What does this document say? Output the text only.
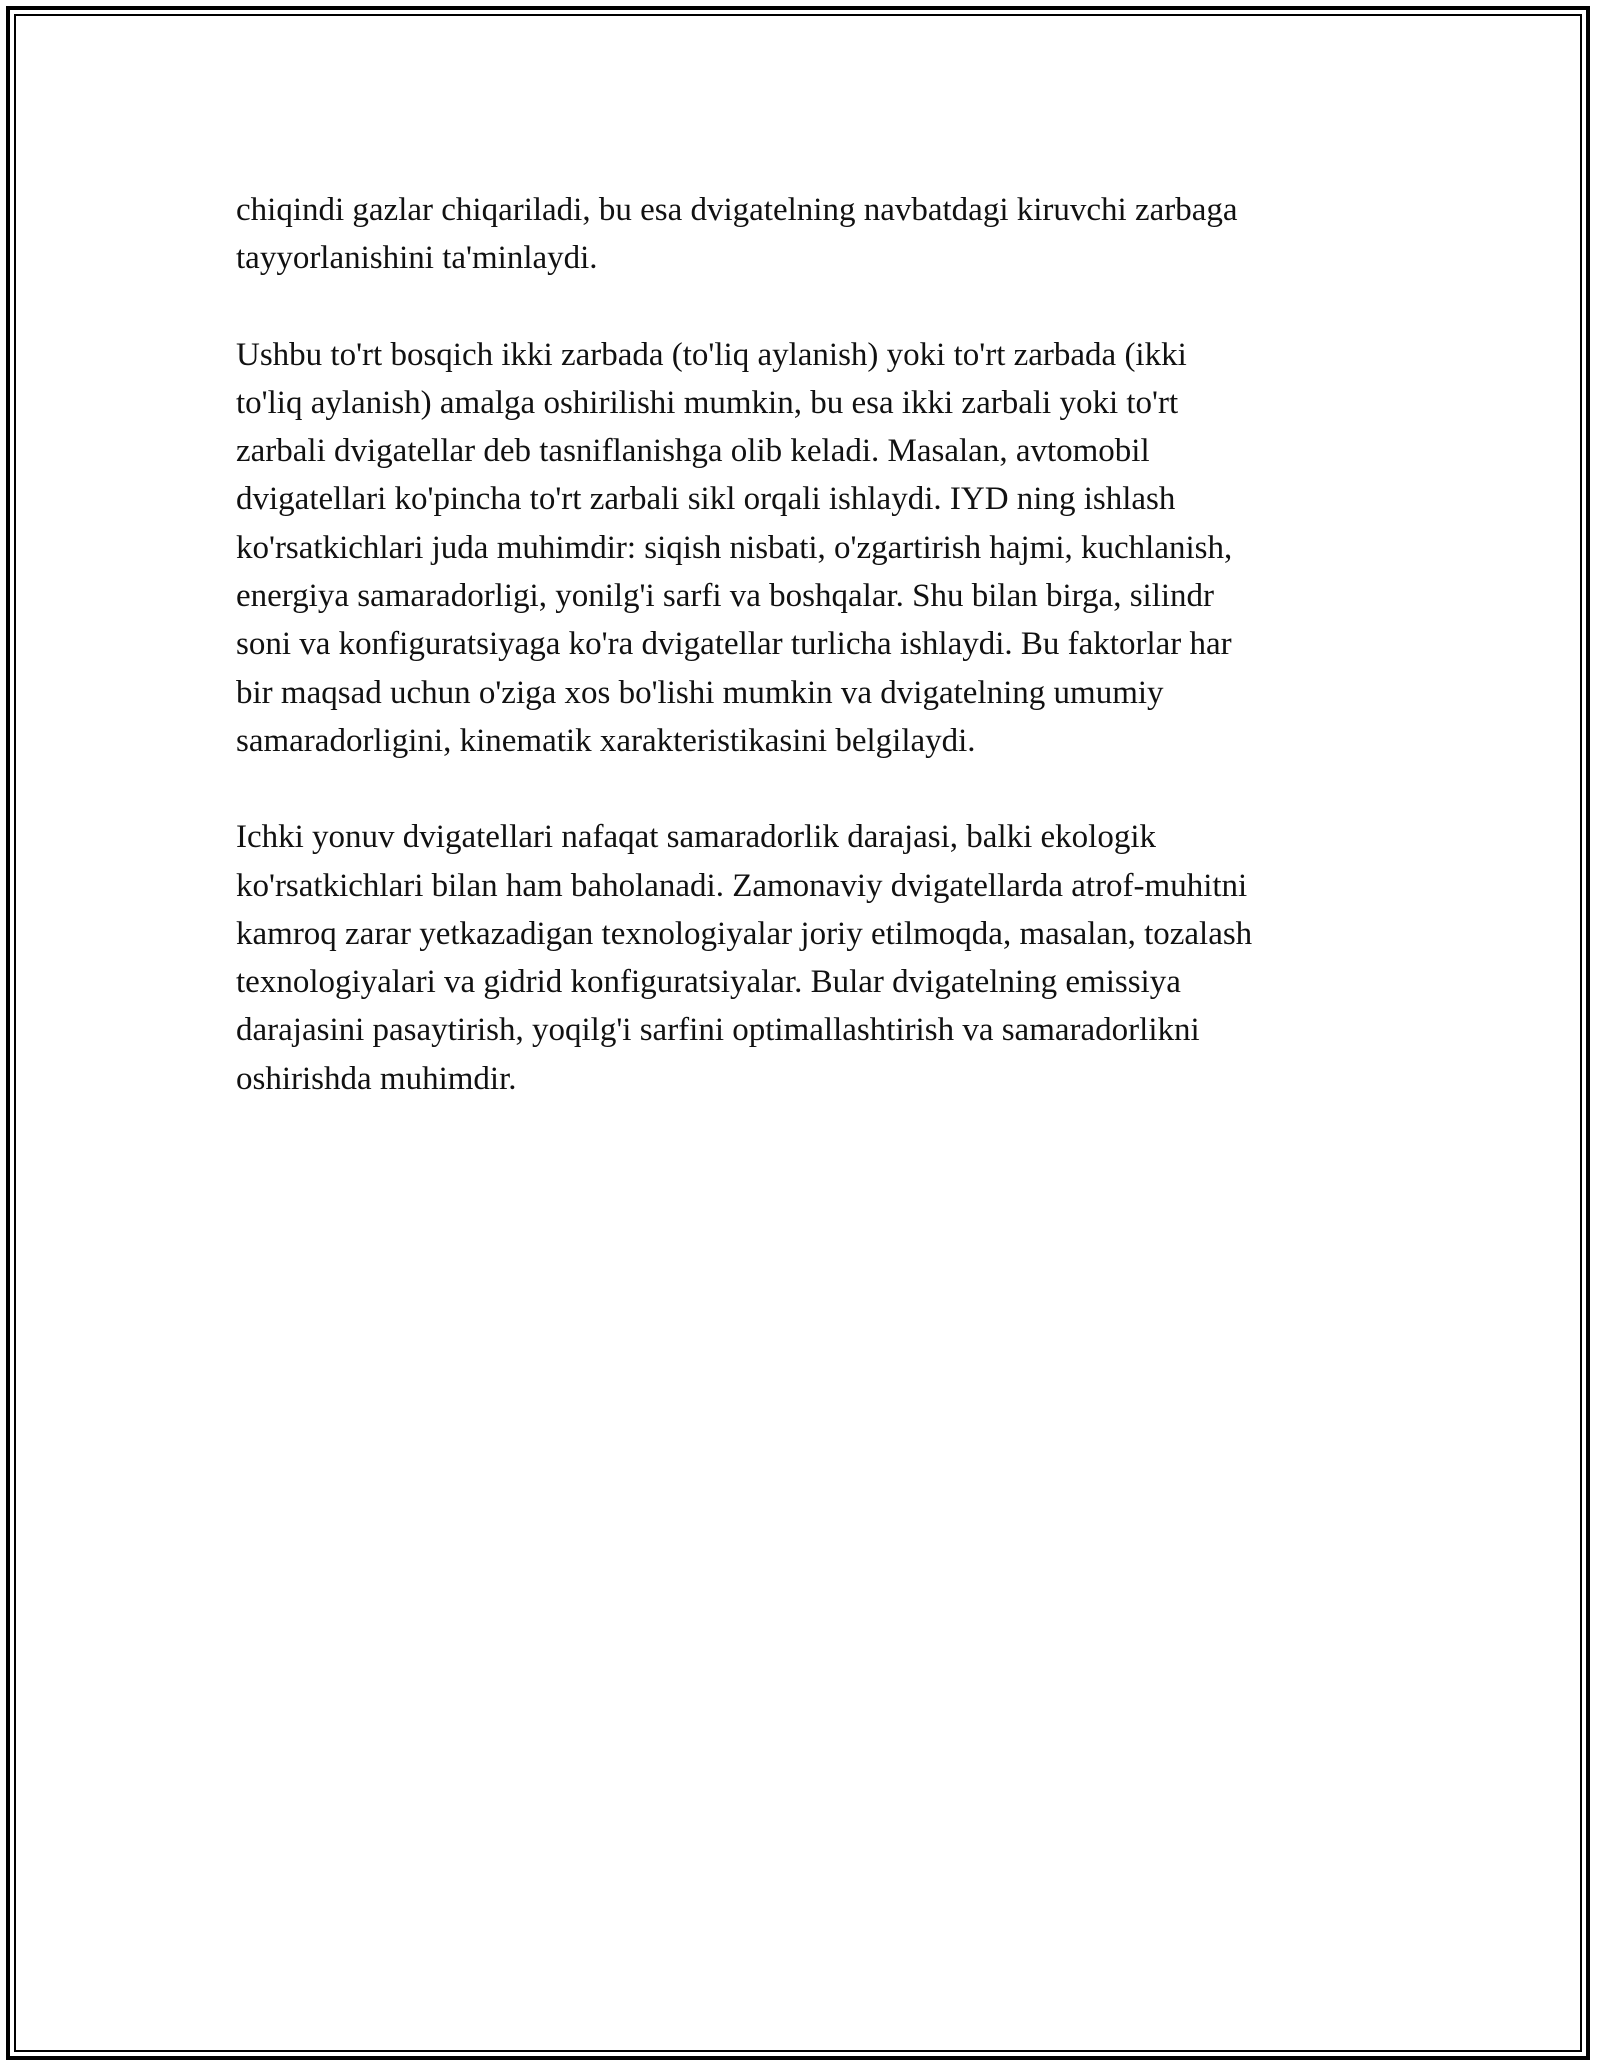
chiqindi gazlar chiqariladi, bu esa dvigatelning navbatdagi kiruvchi zarbaga
tayyorlanishini ta'minlaydi.

Ushbu to'rt bosqich ikki zarbada (to'liq aylanish) yoki to'rt zarbada (ikki
to'liq aylanish) amalga oshirilishi mumkin, bu esa ikki zarbali yoki to'rt
zarbali dvigatellar deb tasniflanishga olib keladi. Masalan, avtomobil
dvigatellari ko'pincha to'rt zarbali sikl orqali ishlaydi. IYD ning ishlash
ko'rsatkichlari juda muhimdir: siqish nisbati, o'zgartirish hajmi, kuchlanish,
energiya samaradorligi, yonilg'i sarfi va boshqalar. Shu bilan birga, silindr
soni va konfiguratsiyaga ko'ra dvigatellar turlicha ishlaydi. Bu faktorlar har
bir maqsad uchun o'ziga xos bo'lishi mumkin va dvigatelning umumiy
samaradorligini, kinematik xarakteristikasini belgilaydi.

Ichki yonuv dvigatellari nafaqat samaradorlik darajasi, balki ekologik
ko'rsatkichlari bilan ham baholanadi. Zamonaviy dvigatellarda atrof-muhitni
kamroq zarar yetkazadigan texnologiyalar joriy etilmoqda, masalan, tozalash
texnologiyalari va gidrid konfiguratsiyalar. Bular dvigatelning emissiya
darajasini pasaytirish, yoqilg'i sarfini optimallashtirish va samaradorlikni
oshirishda muhimdir.
